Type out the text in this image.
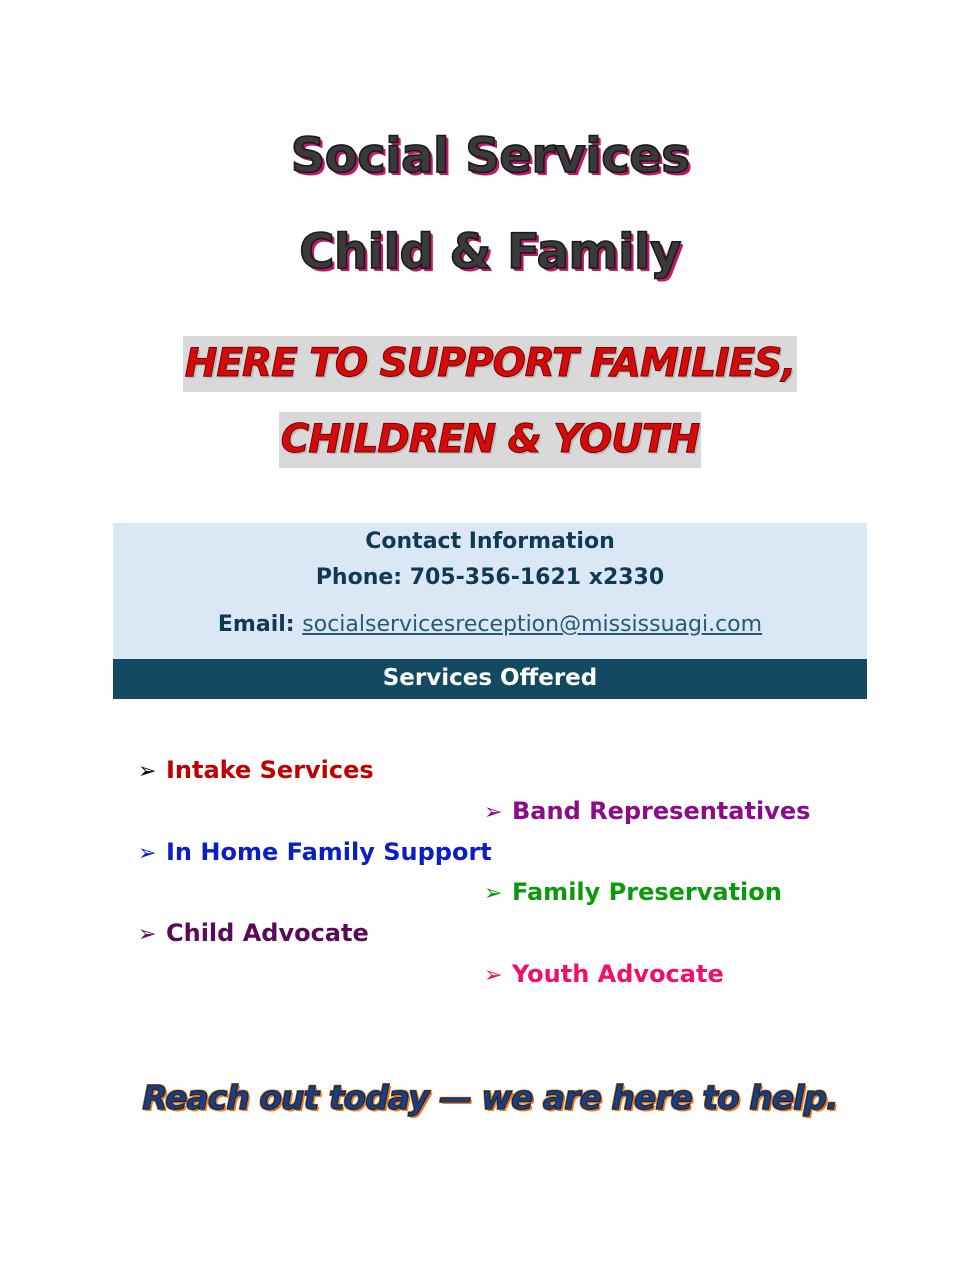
Social Services
Child & Family
HERE TO SUPPORT FAMILIES,
CHILDREN & YOUTH
Contact Information
Phone: 705-356-1621 x2330
Email: socialservicesreception@mississuagi.com
Services Offered
➢ Intake Services
➢ Band Representatives
➢ In Home Family Support
➢ Family Preservation
➢ Child Advocate
➢ Youth Advocate
Reach out today — we are here to help.
